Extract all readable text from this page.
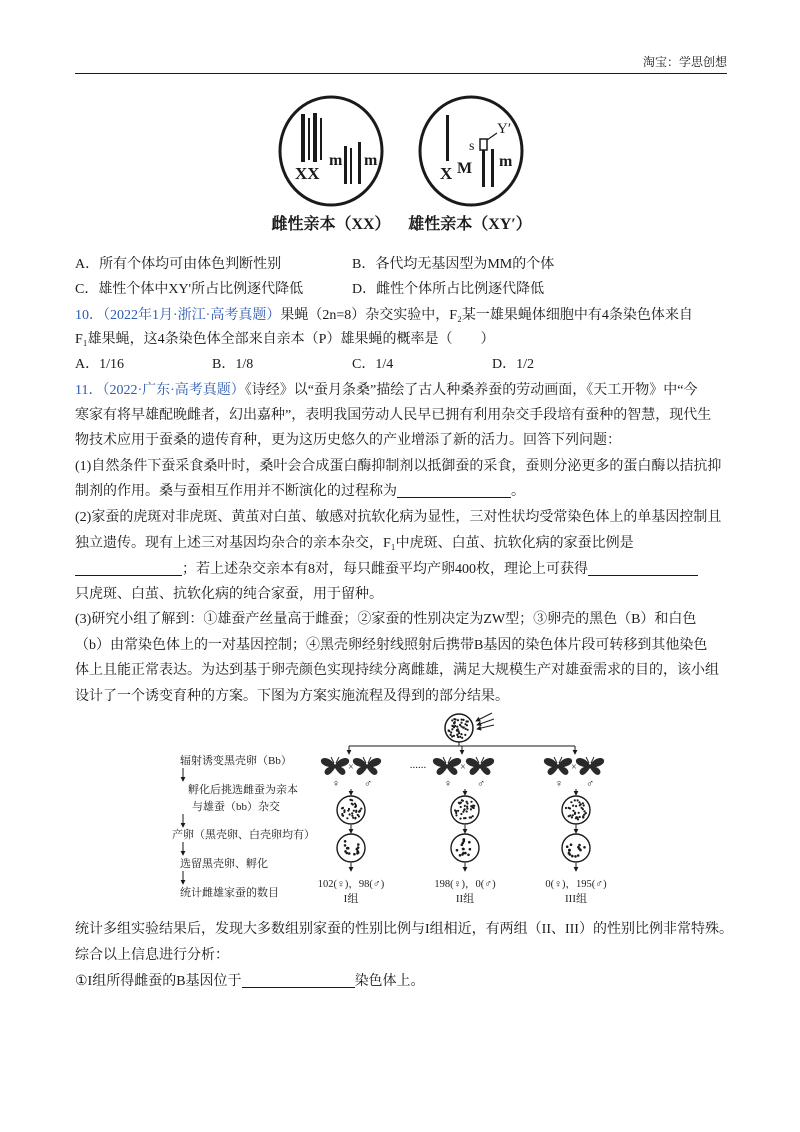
淘宝：学思创想
XX
m m
X
s
Y′
M m
雌性亲本（XX） 雄性亲本（XY′）
A．所有个体均可由体色判断性别	B．各代均无基因型为MM的个体
C．雄性个体中XY'所占比例逐代降低	D．雌性个体所占比例逐代降低
10．（2022年1月·浙江·高考真题）果蝇（2n=8）杂交实验中，F₂某一雄果蝇体细胞中有4条染色体来自
F₁雄果蝇，这4条染色体全部来自亲本（P）雄果蝇的概率是（　　）
A．1/16	B．1/8	C．1/4	D．1/2
11．（2022·广东·高考真题）《诗经》以“蚕月条桑”描绘了古人种桑养蚕的劳动画面，《天工开物》中“今
寒家有将早雄配晚雌者，幻出嘉种”，表明我国劳动人民早已拥有利用杂交手段培有蚕种的智慧，现代生
物技术应用于蚕桑的遗传育种，更为这历史悠久的产业增添了新的活力。回答下列问题：
(1)自然条件下蚕采食桑叶时，桑叶会合成蛋白酶抑制剂以抵御蚕的采食，蚕则分泌更多的蛋白酶以拮抗抑
制剂的作用。桑与蚕相互作用并不断演化的过程称为	。
(2)家蚕的虎斑对非虎斑、黄茧对白茧、敏感对抗软化病为显性，三对性状均受常染色体上的单基因控制且
独立遗传。现有上述三对基因均杂合的亲本杂交，F₁中虎斑、白茧、抗软化病的家蚕比例是
；若上述杂交亲本有8对，每只雌蚕平均产卵400枚，理论上可获得
只虎斑、白茧、抗软化病的纯合家蚕，用于留种。
(3)研究小组了解到：①雄蚕产丝量高于雌蚕；②家蚕的性别决定为ZW型；③卵壳的黑色（B）和白色
（b）由常染色体上的一对基因控制；④黑壳卵经射线照射后携带B基因的染色体片段可转移到其他染色
体上且能正常表达。为达到基于卵壳颜色实现持续分离雌雄，满足大规模生产对雄蚕需求的目的，该小组
设计了一个诱变育种的方案。下图为方案实施流程及得到的部分结果。
辐射诱变黑壳卵（Bb）
孵化后挑选雌蚕为亲本
与雄蚕（bb）杂交
产卵（黑壳卵、白壳卵均有）
选留黑壳卵、孵化
统计雌雄家蚕的数目
×
♀ ♂
......	×
♀ ♂
×
♀ ♂
102(♀)，98(♂)
I组
198(♀)，0(♂)
II组
0(♀)，195(♂)
III组
统计多组实验结果后，发现大多数组别家蚕的性别比例与I组相近，有两组（II、III）的性别比例非常特殊。
综合以上信息进行分析：
①I组所得雌蚕的B基因位于	染色体上。
